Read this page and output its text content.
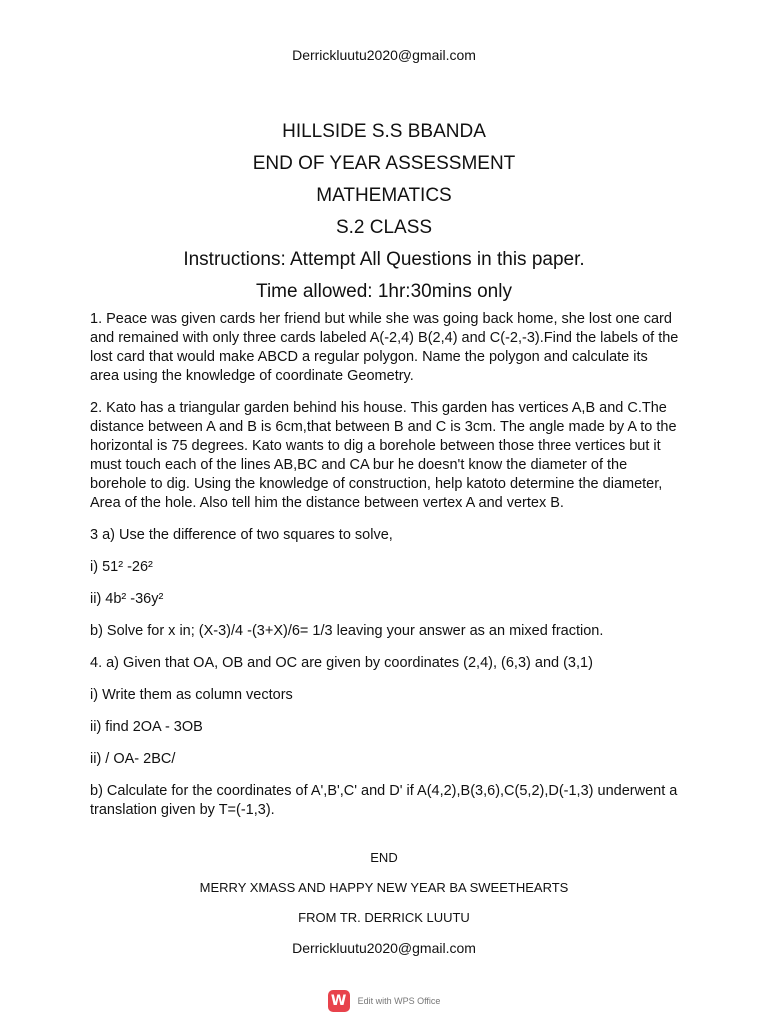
Derrickluutu2020@gmail.com

HILLSIDE S.S BBANDA

END OF YEAR ASSESSMENT

MATHEMATICS

S.2 CLASS

Instructions: Attempt All Questions in this paper.

Time allowed: 1hr:30mins only

1. Peace was given cards her friend but while she was going back home, she lost one card and remained with only three cards labeled A(-2,4) B(2,4) and C(-2,-3).Find the labels of the lost card that would make ABCD a regular polygon. Name the polygon and calculate its area using the knowledge of coordinate Geometry.

2. Kato has a triangular garden behind his house. This garden has vertices A,B and C.The distance between A and B is 6cm,that between B and C is 3cm. The angle made by A to the horizontal is 75 degrees. Kato wants to dig a borehole between those three vertices but it must touch each of the lines AB,BC and CA bur he doesn't know the diameter of the borehole to dig. Using the knowledge of construction, help katoto determine the diameter, Area of the hole. Also tell him the distance between vertex A and vertex B.

3 a) Use the difference of two squares to solve,

i) 51² -26²

ii) 4b² -36y²

b) Solve for x in; (X-3)/4 -(3+X)/6= 1/3 leaving your answer as an mixed fraction.

4. a) Given that OA, OB and OC are given by coordinates (2,4), (6,3) and (3,1)

i) Write them as column vectors

ii) find 2OA - 3OB

ii) / OA- 2BC/

b) Calculate for the coordinates of A',B',C' and D' if A(4,2),B(3,6),C(5,2),D(-1,3) underwent a translation given by T=(-1,3).

END

MERRY XMASS AND HAPPY NEW YEAR BA SWEETHEARTS

FROM TR. DERRICK LUUTU

Derrickluutu2020@gmail.com

W	Edit with WPS Office
